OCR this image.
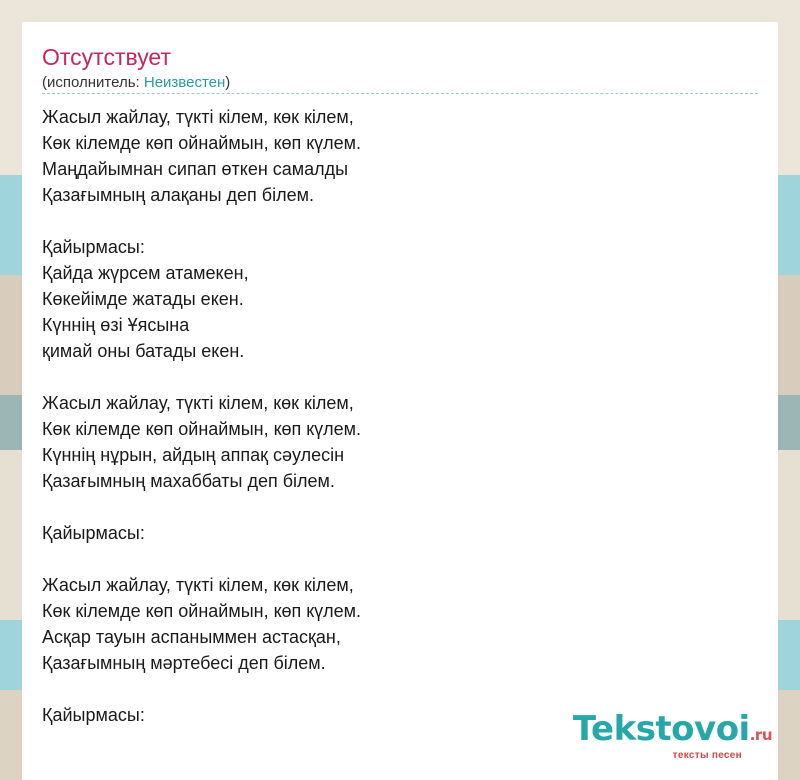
Отсутствует
(исполнитель: Неизвестен)
Жасыл жайлау, түкті кілем, көк кілем,
Көк кілемде көп ойнаймын, көп күлем.
Маңдайымнан сипап өткен самалды
Қазағымның алақаны деп білем.
Қайырмасы:
Қайда жүрсем атамекен,
Көкейімде жатады екен.
Күннің өзі Ұясына
қимай оны батады екен.
Жасыл жайлау, түкті кілем, көк кілем,
Көк кілемде көп ойнаймын, көп күлем.
Күннің нұрын, айдың аппақ сәулесін
Қазағымның махаббаты деп білем.
Қайырмасы:
Жасыл жайлау, түкті кілем, көк кілем,
Көк кілемде көп ойнаймын, көп күлем.
Асқар тауын аспаныммен астасқан,
Қазағымның мәртебесі деп білем.
Қайырмасы:	Tekstovoi.ru
тексты песен
